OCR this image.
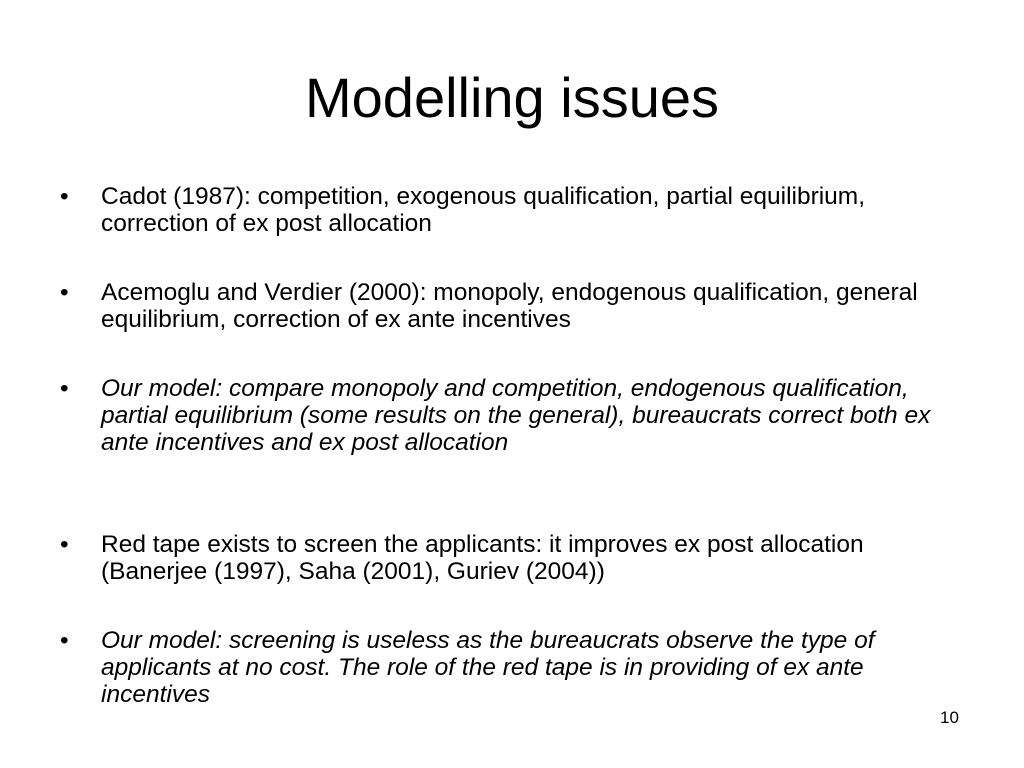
Modelling issues
•	Cadot (1987): competition, exogenous qualification, partial equilibrium, correction of ex post allocation
•	Acemoglu and Verdier (2000): monopoly, endogenous qualification, general equilibrium, correction of ex ante incentives
•	Our model: compare monopoly and competition, endogenous qualification, partial equilibrium (some results on the general), bureaucrats correct both ex ante incentives and ex post allocation
•	Red tape exists to screen the applicants: it improves ex post allocation (Banerjee (1997), Saha (2001), Guriev (2004))
•	Our model: screening is useless as the bureaucrats observe the type of applicants at no cost. The role of the red tape is in providing of ex ante incentives
10
